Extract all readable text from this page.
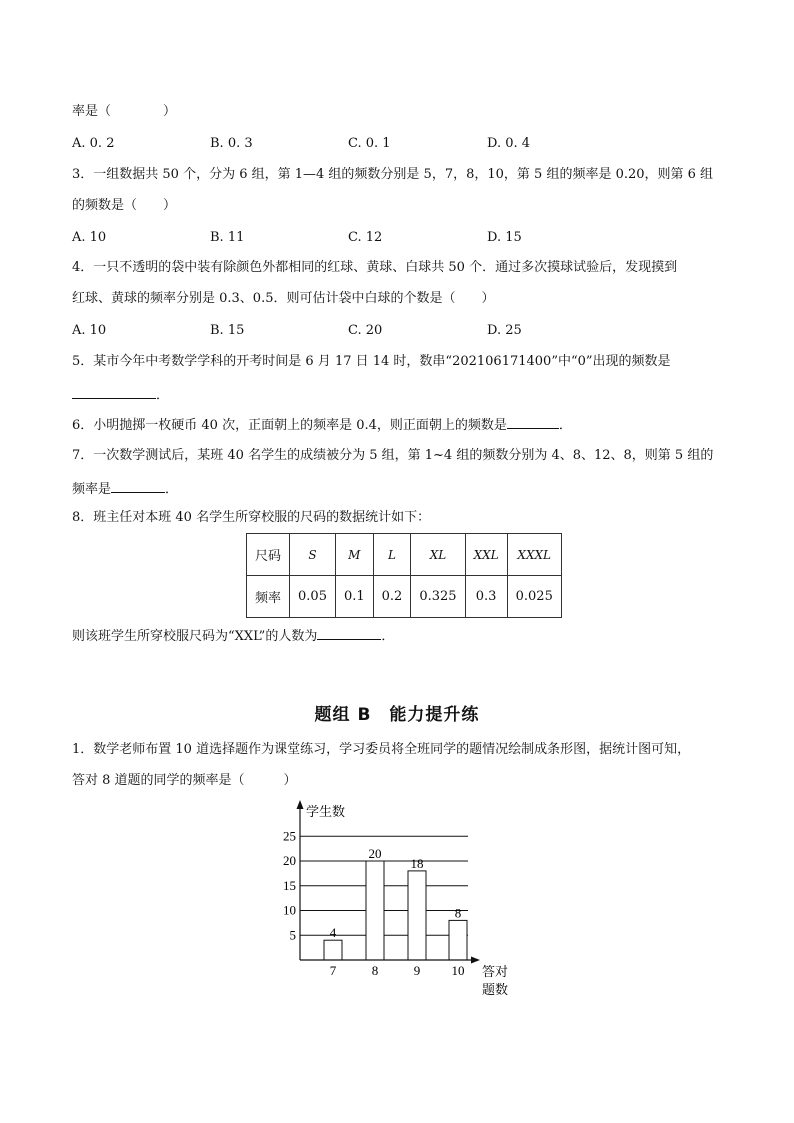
率是（　　　　）
A. 0. 2	B. 0. 3	C. 0. 1	D. 0. 4
3．一组数据共 50 个，分为 6 组，第 1—4 组的频数分别是 5，7，8，10，第 5 组的频率是 0.20，则第 6 组
的频数是（　　）
A. 10	B. 11	C. 12	D. 15
4．一只不透明的袋中装有除颜色外都相同的红球、黄球、白球共 50 个．通过多次摸球试验后，发现摸到
红球、黄球的频率分别是 0.3、0.5．则可估计袋中白球的个数是（　　）
A. 10	B. 15	C. 20	D. 25
5．某市今年中考数学学科的开考时间是 6 月 17 日 14 时，数串“202106171400”中“0”出现的频数是
．
6．小明抛掷一枚硬币 40 次，正面朝上的频率是 0.4，则正面朝上的频数是	．
7．一次数学测试后，某班 40 名学生的成绩被分为 5 组，第 1~4 组的频数分别为 4、8、12、8，则第 5 组的
频率是	．
8．班主任对本班 40 名学生所穿校服的尺码的数据统计如下：
尺码	S	M	L	XL	XXL	XXXL
频率	0.05	0.1	0.2	0.325	0.3	0.025
则该班学生所穿校服尺码为“XXL”的人数为	．
题组 B　能力提升练
1．数学老师布置 10 道选择题作为课堂练习，学习委员将全班同学的题情况绘制成条形图，据统计图可知，
答对 8 道题的同学的频率是（　　　）
5
10
15
20
25
4
7
20
8
18
9
8
10
学生数
答对
题数
